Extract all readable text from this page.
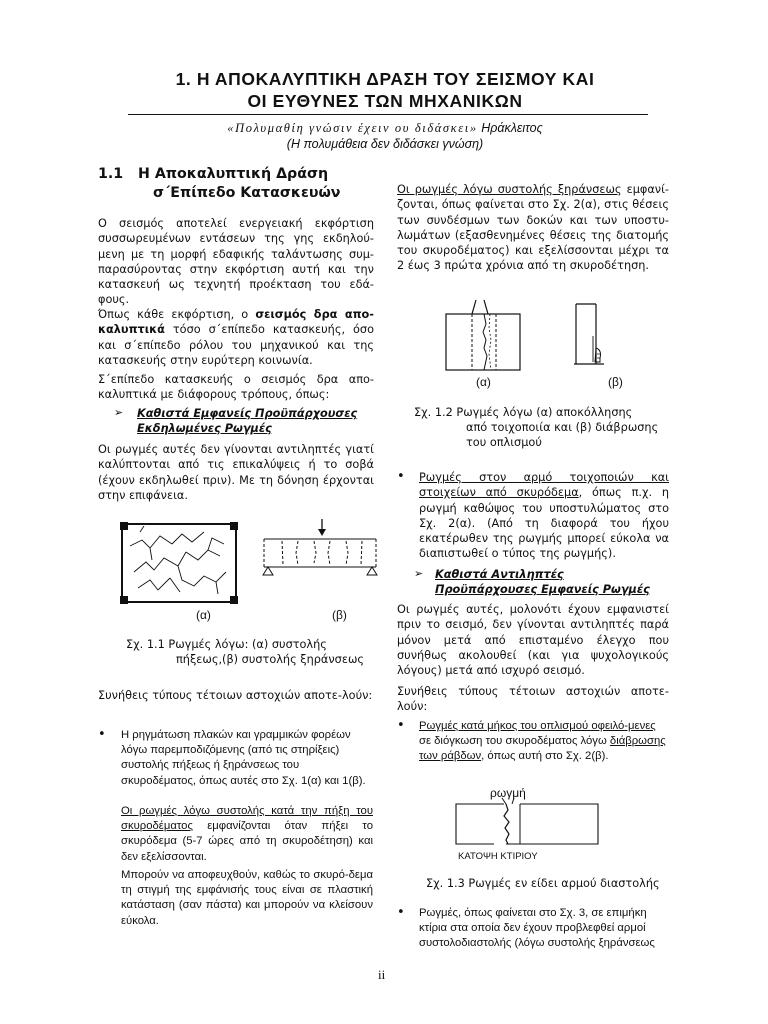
1. Η ΑΠΟΚΑΛΥΠΤΙΚΗ ΔΡΑΣΗ ΤΟΥ ΣΕΙΣΜΟΥ ΚΑΙ
ΟΙ ΕΥΘΥΝΕΣ ΤΩΝ ΜΗΧΑΝΙΚΩΝ
«Πολυμαθίη γνώσιν έχειν ου διδάσκει» Ηράκλειτος
(Η πολυμάθεια δεν διδάσκει γνώση)
1.1 Η Αποκαλυπτική Δράση
σ΄Επίπεδο Κατασκευών
Ο σεισμός αποτελεί ενεργειακή εκφόρτιση συσσωρευμένων εντάσεων της γης εκδηλού-μενη με τη μορφή εδαφικής ταλάντωσης συμ-παρασύροντας στην εκφόρτιση αυτή και την κατασκευή ως τεχνητή προέκταση του εδά-φους.
Όπως κάθε εκφόρτιση, ο σεισμός δρα απο-καλυπτικά τόσο σ΄επίπεδο κατασκευής, όσο και σ΄επίπεδο ρόλου του μηχανικού και της κατασκευής στην ευρύτερη κοινωνία.
Σ΄επίπεδο κατασκευής ο σεισμός δρα απο-καλυπτικά με διάφορους τρόπους, όπως:
➢ Καθιστά Εμφανείς Προϋπάρχουσες
Εκδηλωμένες Ρωγμές
Οι ρωγμές αυτές δεν γίνονται αντιληπτές γιατί καλύπτονται από τις επικαλύψεις ή το σοβά (έχουν εκδηλωθεί πριν). Με τη δόνηση έρχονται στην επιφάνεια.
(α)	(β)
Σχ. 1.1 Ρωγμές λόγω: (α) συστολής
πήξεως,(β) συστολής ξηράνσεως
Συνήθεις τύπους τέτοιων αστοχιών αποτε-λούν:
• Η ρηγμάτωση πλακών και γραμμικών φορέων λόγω παρεμποδιζόμενης (από τις στηρίξεις) συστολής πήξεως ή ξηράνσεως του σκυροδέματος, όπως αυτές στο Σχ. 1(α) και 1(β).
Οι ρωγμές λόγω συστολής κατά την πήξη του σκυροδέματος εμφανίζονται όταν πήξει το σκυρόδεμα (5-7 ώρες από τη σκυροδέτηση) και δεν εξελίσσονται.
Μπορούν να αποφευχθούν, καθώς το σκυρό-δεμα τη στιγμή της εμφάνισής τους είναι σε πλαστική κατάσταση (σαν πάστα) και μπορούν να κλείσουν εύκολα.
Οι ρωγμές λόγω συστολής ξηράνσεως εμφανί-ζονται, όπως φαίνεται στο Σχ. 2(α), στις θέσεις των συνδέσμων των δοκών και των υποστυ-λωμάτων (εξασθενημένες θέσεις της διατομής του σκυροδέματος) και εξελίσσονται μέχρι τα 2 έως 3 πρώτα χρόνια από τη σκυροδέτηση.
(α)	(β)
Σχ. 1.2 Ρωγμές λόγω (α) αποκόλλησης
από τοιχοποιία και (β) διάβρωσης
του οπλισμού
• Ρωγμές στον αρμό τοιχοποιών και στοιχείων από σκυρόδεμα, όπως π.χ. η ρωγμή καθώψος του υποστυλώματος στο Σχ. 2(α). (Από τη διαφορά του ήχου εκατέρωθεν της ρωγμής μπορεί εύκολα να διαπιστωθεί ο τύπος της ρωγμής).
➢ Καθιστά Αντιληπτές
Προϋπάρχουσες Εμφανείς Ρωγμές
Οι ρωγμές αυτές, μολονότι έχουν εμφανιστεί πριν το σεισμό, δεν γίνονται αντιληπτές παρά μόνον μετά από επισταμένο έλεγχο που συνήθως ακολουθεί (και για ψυχολογικούς λόγους) μετά από ισχυρό σεισμό.
Συνήθεις τύπους τέτοιων αστοχιών αποτε-λούν:
• Ρωγμές κατά μήκος του οπλισμού οφειλό-μενες σε διόγκωση του σκυροδέματος λόγω διάβρωσης των ράβδων, όπως αυτή στο Σχ. 2(β).
ρωγμή
ΚΑΤΟΨΗ ΚΤΙΡΙΟΥ
Σχ. 1.3 Ρωγμές εν είδει αρμού διαστολής
• Ρωγμές, όπως φαίνεται στο Σχ. 3, σε επιμήκη κτίρια στα οποία δεν έχουν προβλεφθεί αρμοί συστολοδιαστολής (λόγω συστολής ξηράνσεως
ii
